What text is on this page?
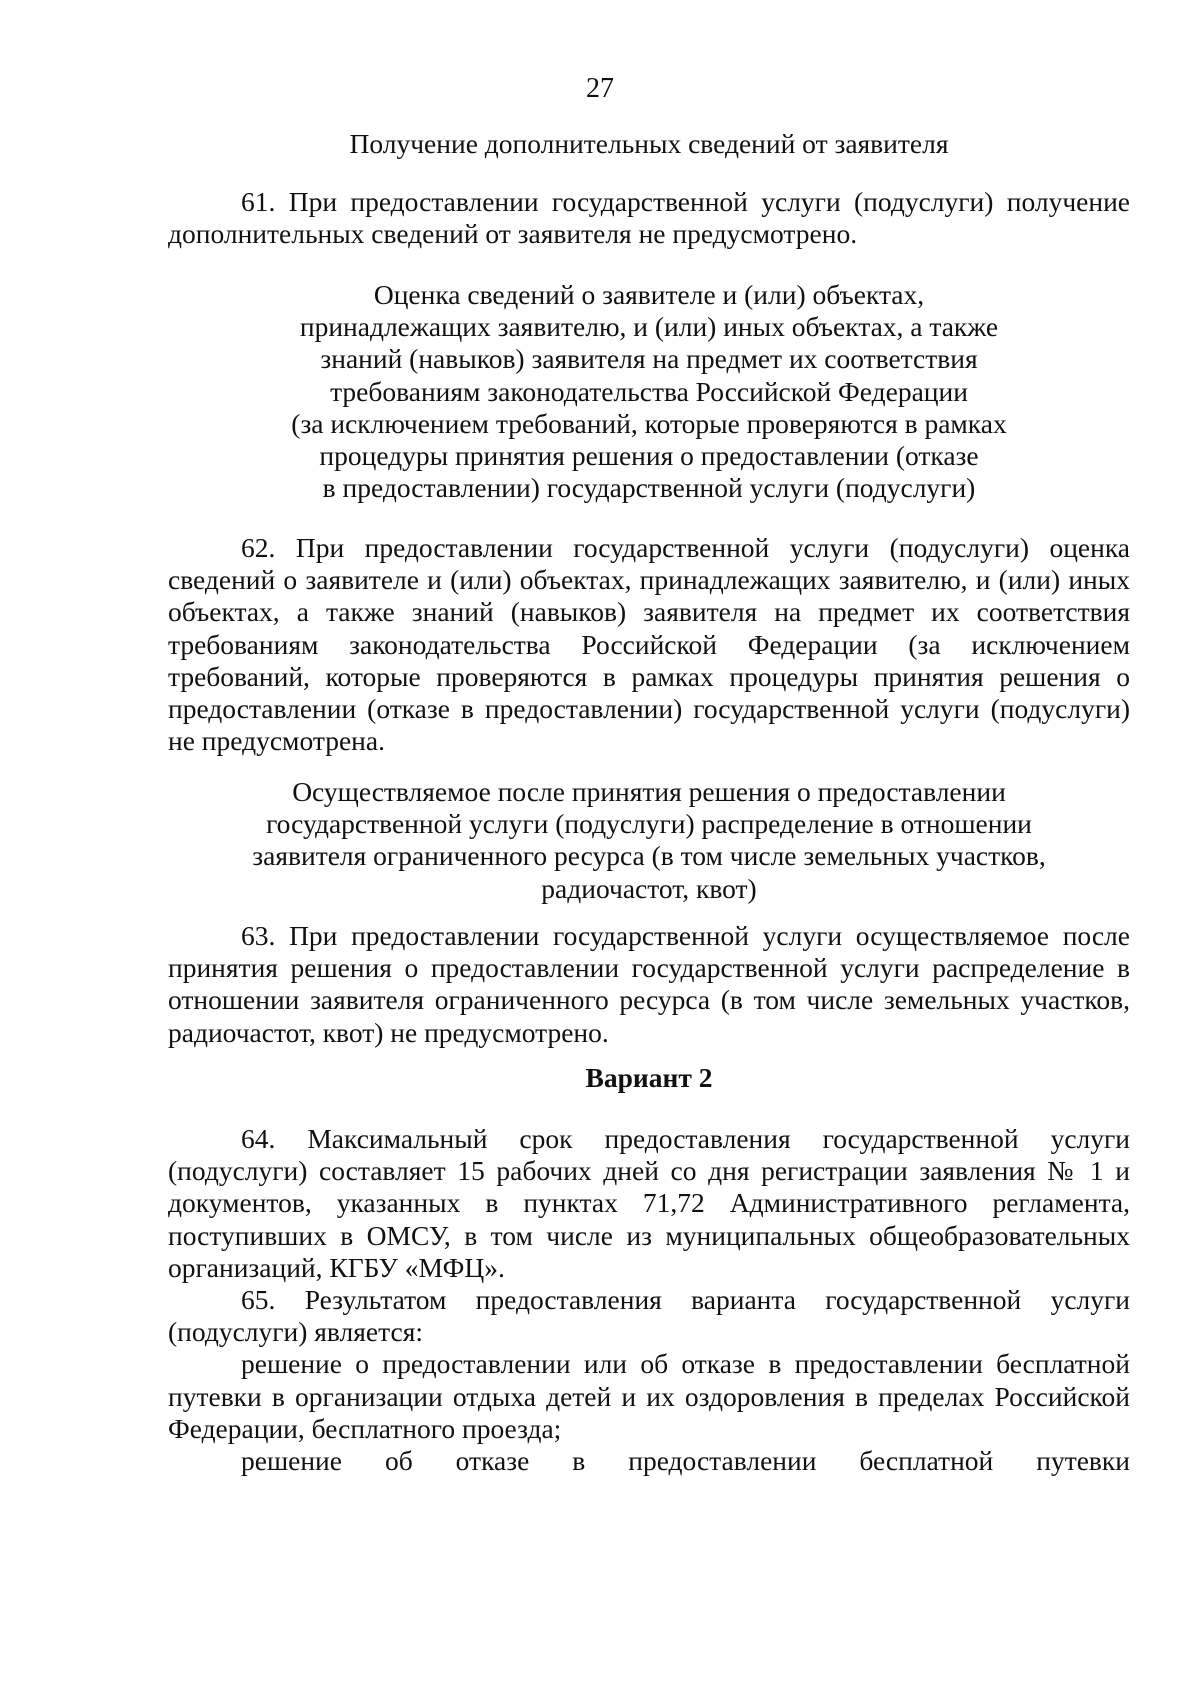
27
Получение дополнительных сведений от заявителя

61. При предоставлении государственной услуги (подуслуги) получение дополнительных сведений от заявителя не предусмотрено.

Оценка сведений о заявителе и (или) объектах,
принадлежащих заявителю, и (или) иных объектах, а также
знаний (навыков) заявителя на предмет их соответствия
требованиям законодательства Российской Федерации
(за исключением требований, которые проверяются в рамках
процедуры принятия решения о предоставлении (отказе
в предоставлении) государственной услуги (подуслуги)

62. При предоставлении государственной услуги (подуслуги) оценка сведений о заявителе и (или) объектах, принадлежащих заявителю, и (или) иных объектах, а также знаний (навыков) заявителя на предмет их соответствия требованиям законодательства Российской Федерации (за исключением требований, которые проверяются в рамках процедуры принятия решения о предоставлении (отказе в предоставлении) государственной услуги (подуслуги) не предусмотрена.

Осуществляемое после принятия решения о предоставлении
государственной услуги (подуслуги) распределение в отношении
заявителя ограниченного ресурса (в том числе земельных участков,
радиочастот, квот)

63. При предоставлении государственной услуги осуществляемое после принятия решения о предоставлении государственной услуги распределение в отношении заявителя ограниченного ресурса (в том числе земельных участков, радиочастот, квот) не предусмотрено.

Вариант 2

64. Максимальный срок предоставления государственной услуги (подуслуги) составляет 15 рабочих дней со дня регистрации заявления № 1 и документов, указанных в пунктах 71,72 Административного регламента, поступивших в ОМСУ, в том числе из муниципальных общеобразовательных организаций, КГБУ «МФЦ».

65. Результатом предоставления варианта государственной услуги (подуслуги) является:

решение о предоставлении или об отказе в предоставлении бесплатной путевки в организации отдыха детей и их оздоровления в пределах Российской Федерации, бесплатного проезда;

решение об отказе в предоставлении бесплатной путевки
